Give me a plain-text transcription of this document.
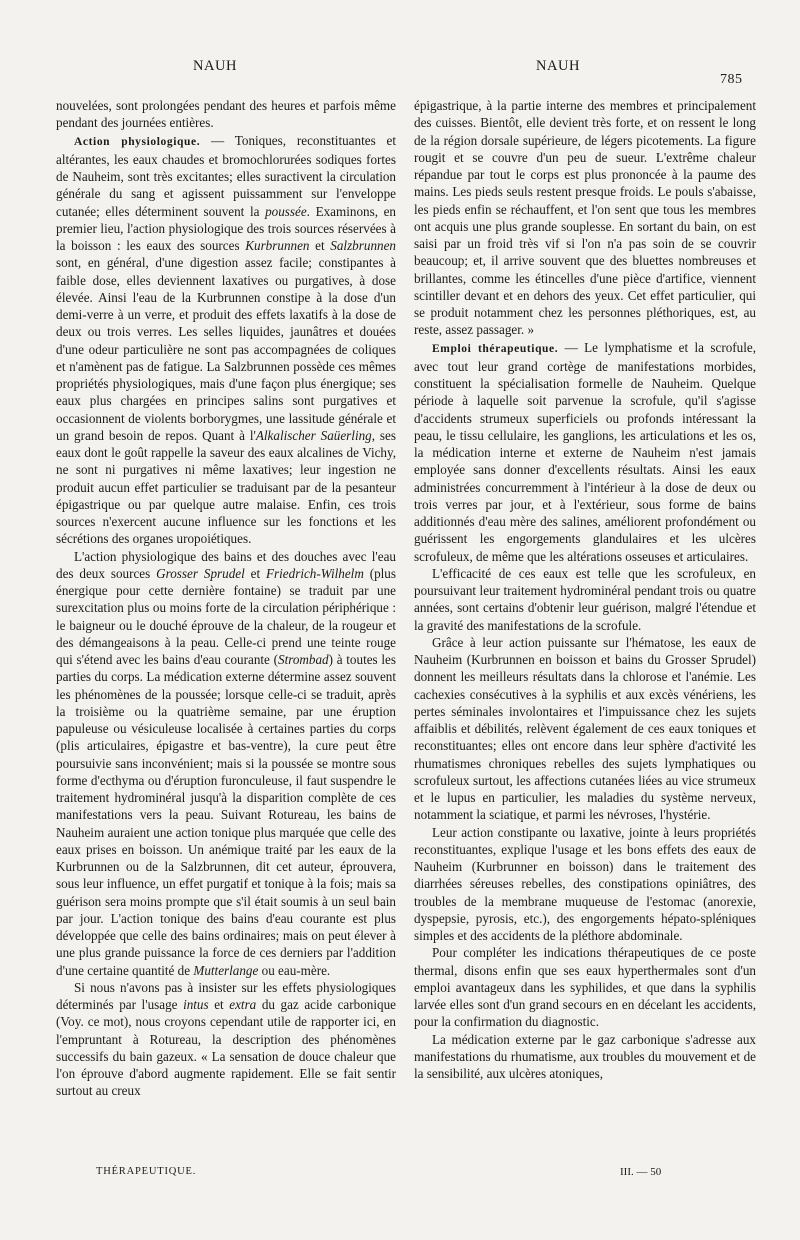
NAUH	NAUH
785

nouvelées, sont prolongées pendant des heures et parfois même pendant des journées entières.

Action physiologique. — Toniques, reconstituantes et altérantes, les eaux chaudes et bromochlorurées sodiques fortes de Nauheim, sont très excitantes; elles suractivent la circulation générale du sang et agissent puissamment sur l'enveloppe cutanée; elles déterminent souvent la poussée. Examinons, en premier lieu, l'action physiologique des trois sources réservées à la boisson : les eaux des sources Kurbrunnen et Salzbrunnen sont, en général, d'une digestion assez facile; constipantes à faible dose, elles deviennent laxatives ou purgatives, à dose élevée. Ainsi l'eau de la Kurbrunnen constipe à la dose d'un demi-verre à un verre, et produit des effets laxatifs à la dose de deux ou trois verres. Les selles liquides, jaunâtres et douées d'une odeur particulière ne sont pas accompagnées de coliques et n'amènent pas de fatigue. La Salzbrunnen possède ces mêmes propriétés physiologiques, mais d'une façon plus énergique; ses eaux plus chargées en principes salins sont purgatives et occasionnent de violents borborygmes, une lassitude générale et un grand besoin de repos. Quant à l'Alkalischer Saüerling, ses eaux dont le goût rappelle la saveur des eaux alcalines de Vichy, ne sont ni purgatives ni même laxatives; leur ingestion ne produit aucun effet particulier se traduisant par de la pesanteur épigastrique ou par quelque autre malaise. Enfin, ces trois sources n'exercent aucune influence sur les fonctions et les sécrétions des organes uropoiétiques.

L'action physiologique des bains et des douches avec l'eau des deux sources Grosser Sprudel et Friedrich-Wilhelm (plus énergique pour cette dernière fontaine) se traduit par une surexcitation plus ou moins forte de la circulation périphérique : le baigneur ou le douché éprouve de la chaleur, de la rougeur et des démangeaisons à la peau. Celle-ci prend une teinte rouge qui s'étend avec les bains d'eau courante (Strombad) à toutes les parties du corps. La médication externe détermine assez souvent les phénomènes de la poussée; lorsque celle-ci se traduit, après la troisième ou la quatrième semaine, par une éruption papuleuse ou vésiculeuse localisée à certaines parties du corps (plis articulaires, épigastre et bas-ventre), la cure peut être poursuivie sans inconvénient; mais si la poussée se montre sous forme d'ecthyma ou d'éruption furonculeuse, il faut suspendre le traitement hydrominéral jusqu'à la disparition complète de ces manifestations vers la peau. Suivant Rotureau, les bains de Nauheim auraient une action tonique plus marquée que celle des eaux prises en boisson. Un anémique traité par les eaux de la Kurbrunnen ou de la Salzbrunnen, dit cet auteur, éprouvera, sous leur influence, un effet purgatif et tonique à la fois; mais sa guérison sera moins prompte que s'il était soumis à un seul bain par jour. L'action tonique des bains d'eau courante est plus développée que celle des bains ordinaires; mais on peut élever à une plus grande puissance la force de ces derniers par l'addition d'une certaine quantité de Mutterlange ou eau-mère.

Si nous n'avons pas à insister sur les effets physiologiques déterminés par l'usage intus et extra du gaz acide carbonique (Voy. ce mot), nous croyons cependant utile de rapporter ici, en l'empruntant à Rotureau, la description des phénomènes successifs du bain gazeux. « La sensation de douce chaleur que l'on éprouve d'abord augmente rapidement. Elle se fait sentir surtout au creux

épigastrique, à la partie interne des membres et principalement des cuisses. Bientôt, elle devient très forte, et on ressent le long de la région dorsale supérieure, de légers picotements. La figure rougit et se couvre d'un peu de sueur. L'extrême chaleur répandue par tout le corps est plus prononcée à la paume des mains. Les pieds seuls restent presque froids. Le pouls s'abaisse, les pieds enfin se réchauffent, et l'on sent que tous les membres ont acquis une plus grande souplesse. En sortant du bain, on est saisi par un froid très vif si l'on n'a pas soin de se couvrir beaucoup; et, il arrive souvent que des bluettes nombreuses et brillantes, comme les étincelles d'une pièce d'artifice, viennent scintiller devant et en dehors des yeux. Cet effet particulier, qui se produit notamment chez les personnes pléthoriques, est, au reste, assez passager. »

Emploi thérapeutique. — Le lymphatisme et la scrofule, avec tout leur grand cortège de manifestations morbides, constituent la spécialisation formelle de Nauheim. Quelque période à laquelle soit parvenue la scrofule, qu'il s'agisse d'accidents strumeux superficiels ou profonds intéressant la peau, le tissu cellulaire, les ganglions, les articulations et les os, la médication interne et externe de Nauheim n'est jamais employée sans donner d'excellents résultats. Ainsi les eaux administrées concurremment à l'intérieur à la dose de deux ou trois verres par jour, et à l'extérieur, sous forme de bains additionnés d'eau mère des salines, améliorent profondément ou guérissent les engorgements glandulaires et les ulcères scrofuleux, de même que les altérations osseuses et articulaires.

L'efficacité de ces eaux est telle que les scrofuleux, en poursuivant leur traitement hydrominéral pendant trois ou quatre années, sont certains d'obtenir leur guérison, malgré l'étendue et la gravité des manifestations de la scrofule.

Grâce à leur action puissante sur l'hématose, les eaux de Nauheim (Kurbrunnen en boisson et bains du Grosser Sprudel) donnent les meilleurs résultats dans la chlorose et l'anémie. Les cachexies consécutives à la syphilis et aux excès vénériens, les pertes séminales involontaires et l'impuissance chez les sujets affaiblis et débilités, relèvent également de ces eaux toniques et reconstituantes; elles ont encore dans leur sphère d'activité les rhumatismes chroniques rebelles des sujets lymphatiques ou scrofuleux surtout, les affections cutanées liées au vice strumeux et le lupus en particulier, les maladies du système nerveux, notamment la sciatique, et parmi les névroses, l'hystérie.

Leur action constipante ou laxative, jointe à leurs propriétés reconstituantes, explique l'usage et les bons effets des eaux de Nauheim (Kurbrunner en boisson) dans le traitement des diarrhées séreuses rebelles, des constipations opiniâtres, des troubles de la membrane muqueuse de l'estomac (anorexie, dyspepsie, pyrosis, etc.), des engorgements hépato-spléniques simples et des accidents de la pléthore abdominale.

Pour compléter les indications thérapeutiques de ce poste thermal, disons enfin que ses eaux hyperthermales sont d'un emploi avantageux dans les syphilides, et que dans la syphilis larvée elles sont d'un grand secours en en décelant les accidents, pour la confirmation du diagnostic.

La médication externe par le gaz carbonique s'adresse aux manifestations du rhumatisme, aux troubles du mouvement et de la sensibilité, aux ulcères atoniques,

THÉRAPEUTIQUE.	III. — 50
